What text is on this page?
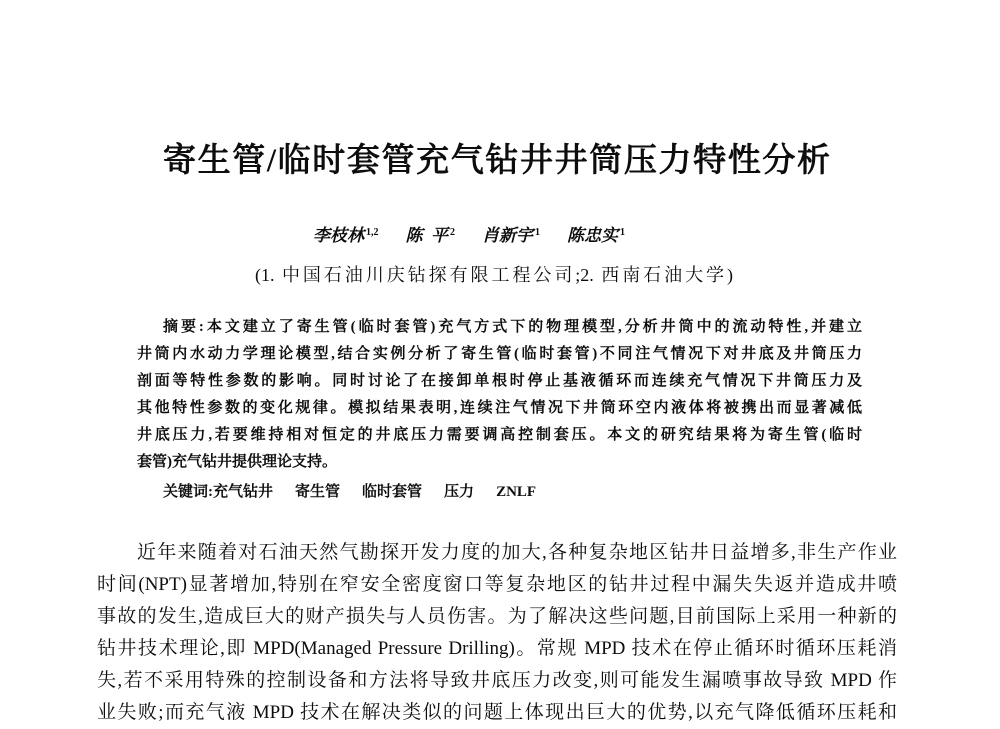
寄生管/临时套管充气钻井井筒压力特性分析
李枝林 $^{1,2}$ 陈  平 $^2$ 肖新宇 $^1$ 陈忠实 $^1$
(1. 中国石油川庆钻探有限工程公司;2. 西南石油大学)
摘要:本文建立了寄生管(临时套管)充气方式下的物理模型,分析井筒中的流动特性,并建立
井筒内水动力学理论模型,结合实例分析了寄生管(临时套管)不同注气情况下对井底及井筒压力
剖面等特性参数的影响。同时讨论了在接卸单根时停止基液循环而连续充气情况下井筒压力及
其他特性参数的变化规律。模拟结果表明,连续注气情况下井筒环空内液体将被携出而显著减低
井底压力,若要维持相对恒定的井底压力需要调高控制套压。本文的研究结果将为寄生管(临时
套管)充气钻井提供理论支持。
关键词:充气钻井 寄生管 临时套管 压力 ZNLF
近年来随着对石油天然气勘探开发力度的加大,各种复杂地区钻井日益增多,非生产作业
时间(NPT)显著增加,特别在窄安全密度窗口等复杂地区的钻井过程中漏失失返并造成井喷
事故的发生,造成巨大的财产损失与人员伤害。为了解决这些问题,目前国际上采用一种新的
钻井技术理论,即 MPD(Managed Pressure Drilling)。常规 MPD 技术在停止循环时循环压耗消
失,若不采用特殊的控制设备和方法将导致井底压力改变,则可能发生漏喷事故导致 MPD 作
业失败;而充气液 MPD 技术在解决类似的问题上体现出巨大的优势,以充气降低循环压耗和
